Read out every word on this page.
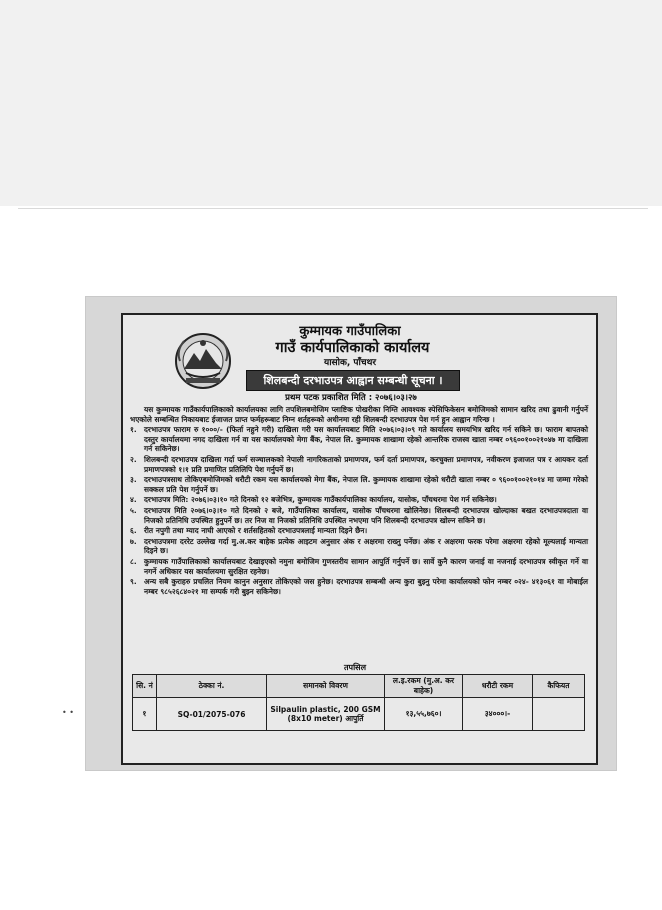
कुम्मायक गाउँपालिका
गाउँ कार्यपालिकाको कार्यालय
यासोक, पाँचथर
शिलबन्दी दरभाउपत्र आह्वान सम्बन्धी सूचना ।
प्रथम पटक प्रकाशित मिति : २०७६।०३।२७

यस कुम्मायक गाउँकार्यपालिकाको कार्यालयका लागि तपशिलबमोजिम प्लाष्टिक पोखरीका निम्ति आवश्यक स्पेसिफिकेसन बमोजिमको सामान खरिद तथा ढुवानी गर्नुपर्ने भएकोले सम्बन्धित निकायबाट ईजाजत प्राप्त फर्महरूबाट निम्न शर्तहरूको अधीनमा रही शिलबन्दी दरभाउपत्र पेश गर्न हुन आह्वान गरिन्छ ।

१. दरभाउपत्र फाराम रु १०००/- (फिर्ता नहुने गरी) दाखिला गरी यस कार्यालयबाट मिति २०७६।०३।०९ गते कार्यालय समयभित्र खरिद गर्न सकिने छ। फाराम बापतको दस्तुर कार्यालयमा नगद दाखिला गर्न वा यस कार्यालयको मेगा बैंक, नेपाल लि. कुम्मायक शाखामा रहेको आन्तरिक राजस्व खाता नम्बर ०९६००१००२१०४७ मा दाखिला गर्न सकिनेछ।
२. शिलबन्दी दरभाउपत्र दाखिला गर्दा फर्म सञ्चालकको नेपाली नागरिकताको प्रमाणपत्र, फर्म दर्ता प्रमाणपत्र, करचुक्ता प्रमाणपत्र, नवीकरण इजाजत पत्र र आयकर दर्ता प्रमाणपत्रको १।१ प्रति प्रमाणित प्रतिलिपि पेश गर्नुपर्ने छ।
३. दरभाउपत्रसाथ तोकिएबमोजिमको धरौटी रकम यस कार्यालयको मेगा बैंक, नेपाल लि. कुम्मायक शाखामा रहेको धरौटी खाता नम्बर ० ९६००१००२१०१४ मा जम्मा गरेको सक्कल प्रति पेश गर्नुपर्ने छ।
४. दरभाउपत्र मिति: २०७६।०३।१० गते दिनको १२ बजेभित्र, कुम्मायक गाउँकार्यपालिका कार्यालय, यासोक, पाँचथरमा पेश गर्न सकिनेछ।
५. दरभाउपत्र मिति २०७६।०३।१० गते दिनको २ बजे, गाउँपालिका कार्यालय, यासोक पाँचथरमा खोलिनेछ। शिलबन्दी दरभाउपत्र खोल्दाका बखत दरभाउपत्रदाता वा निजको प्रतिनिधि उपस्थित हुनुपर्ने छ। तर निज वा निजको प्रतिनिधि उपस्थित नभएमा पनि शिलबन्दी दरभाउपत्र खोल्न सकिने छ।
६. रीत नपुगी तथा म्याद नाघी आएको र शर्तसहितको दरभाउपत्रलाई मान्यता दिइने छैन।
७. दरभाउपत्रमा दररेट उल्लेख गर्दा मु.अ.कर बाहेक प्रत्येक आइटम अनुसार अंक र अक्षरमा राख्नु पर्नेछ। अंक र अक्षरमा फरक परेमा अक्षरमा रहेको मूल्यलाई मान्यता दिइने छ।
८. कुम्मायक गाउँपालिकाको कार्यालयबाट देखाइएको नमुना बमोजिम गुणस्तरीय सामान आपुर्ति गर्नुपर्ने छ। सार्वे कुनै कारण जनाई वा नजनाई दरभाउपत्र स्वीकृत गर्ने वा नगर्ने अधिकार यस कार्यालयमा सुरक्षित रहनेछ।
९. अन्य सबै कुराहरु प्रचलित नियम कानुन अनुसार तोकिएको जस हुनेछ। दरभाउपत्र सम्बन्धी अन्य कुरा बुझ्नु परेमा कार्यालयको फोन नम्बर ०२४- ४१३०६१ वा मोबाईल नम्बर ९८५२६८४०२१ मा सम्पर्क गरी बुझ्न सकिनेछ।
तपसिल
सि. नं	ठेक्का नं.	समानको विवरण	ल.इ.रकम (मु.अ. कर बाहेक)	धरौटी रकम	कैफियत
१	SQ-01/2075-076	Silpaulin plastic, 200 GSM (8x10 meter) आपुर्ति	१३,५५,७६०।	३४०००।-	
• •
